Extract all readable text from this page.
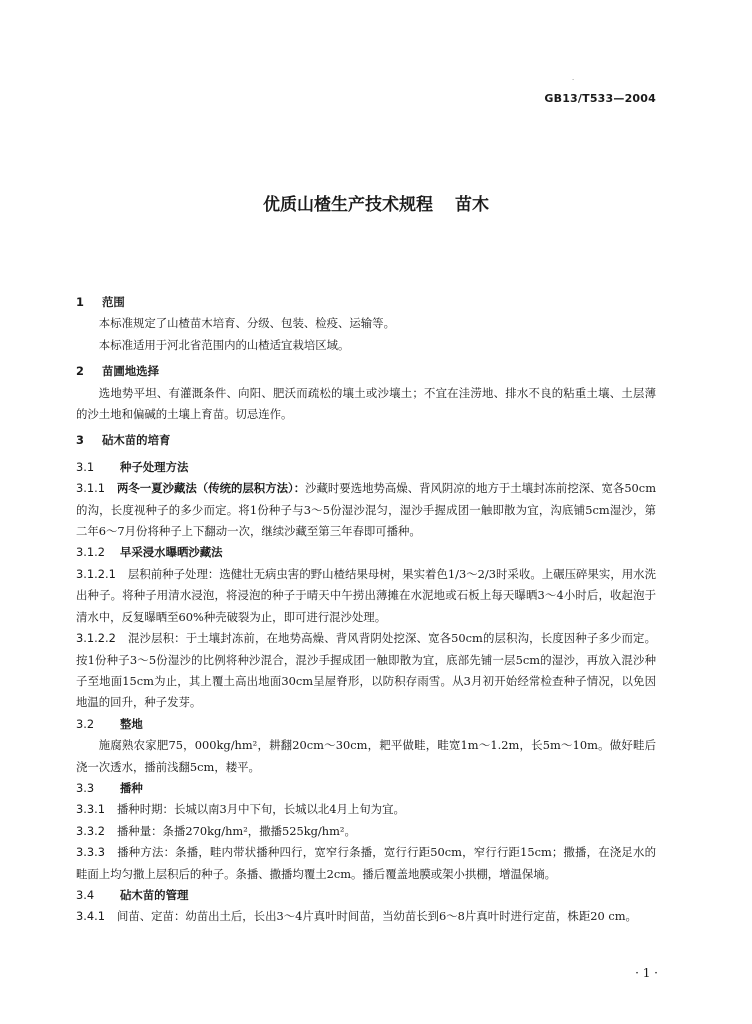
·
GB13/T533—2004
优质山楂生产技术规程 苗木
1 范围
本标准规定了山楂苗木培育、分级、包装、检疫、运输等。
本标准适用于河北省范围内的山楂适宜栽培区域。
2 苗圃地选择
选地势平坦、有灌溉条件、向阳、肥沃而疏松的壤土或沙壤土；不宜在洼涝地、排水不良的粘重土壤、土层薄的沙土地和偏碱的土壤上育苗。切忌连作。
3 砧木苗的培育
3.1 种子处理方法
3.1.1 两冬一夏沙藏法（传统的层积方法）：沙藏时要选地势高燥、背风阴凉的地方于土壤封冻前挖深、宽各50cm的沟，长度视种子的多少而定。将1份种子与3～5份湿沙混匀，湿沙手握成团一触即散为宜，沟底铺5cm湿沙，第二年6～7月份将种子上下翻动一次，继续沙藏至第三年春即可播种。
3.1.2 早采浸水曝晒沙藏法
3.1.2.1 层积前种子处理：选健壮无病虫害的野山楂结果母树，果实着色1/3～2/3时采收。上碾压碎果实，用水洗出种子。将种子用清水浸泡，将浸泡的种子于晴天中午捞出薄摊在水泥地或石板上每天曝晒3～4小时后，收起泡于清水中，反复曝晒至60%种壳破裂为止，即可进行混沙处理。
3.1.2.2 混沙层积：于土壤封冻前，在地势高燥、背风背阴处挖深、宽各50cm的层积沟，长度因种子多少而定。按1份种子3～5份湿沙的比例将种沙混合，混沙手握成团一触即散为宜，底部先铺一层5cm的湿沙，再放入混沙种子至地面15cm为止，其上覆土高出地面30cm呈屋脊形，以防积存雨雪。从3月初开始经常检查种子情况，以免因地温的回升，种子发芽。
3.2 整地
施腐熟农家肥75，000kg/hm²，耕翻20cm～30cm，耙平做畦，畦宽1m～1.2m，长5m～10m。做好畦后浇一次透水，播前浅翻5cm，耧平。
3.3 播种
3.3.1 播种时期：长城以南3月中下旬，长城以北4月上旬为宜。
3.3.2 播种量：条播270kg/hm²，撒播525kg/hm²。
3.3.3 播种方法：条播，畦内带状播种四行，宽窄行条播，宽行行距50cm，窄行行距15cm；撒播，在浇足水的畦面上均匀撒上层积后的种子。条播、撒播均覆土2cm。播后覆盖地膜或架小拱棚，增温保墒。
3.4 砧木苗的管理
3.4.1 间苗、定苗：幼苗出土后，长出3～4片真叶时间苗，当幼苗长到6～8片真叶时进行定苗，株距20 cm。
· 1 ·
